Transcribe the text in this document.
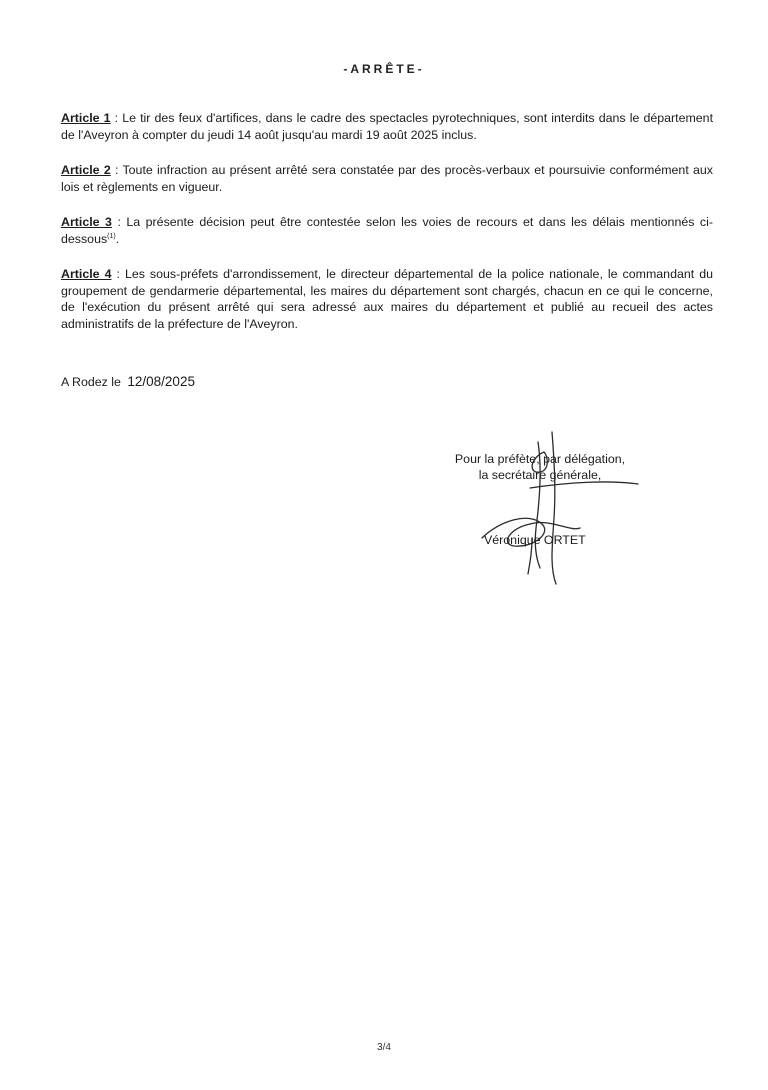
-ARRÊTE-

Article 1 : Le tir des feux d'artifices, dans le cadre des spectacles pyrotechniques, sont interdits dans le département de l'Aveyron à compter du jeudi 14 août jusqu'au mardi 19 août 2025 inclus.

Article 2 : Toute infraction au présent arrêté sera constatée par des procès-verbaux et poursuivie conformément aux lois et règlements en vigueur.

Article 3 : La présente décision peut être contestée selon les voies de recours et dans les délais mentionnés ci-dessous$^{(1)}$.

Article 4 : Les sous-préfets d'arrondissement, le directeur départemental de la police nationale, le commandant du groupement de gendarmerie départemental, les maires du département sont chargés, chacun en ce qui le concerne, de l'exécution du présent arrêté qui sera adressé aux maires du département et publié au recueil des actes administratifs de la préfecture de l'Aveyron.

A Rodez le 12/08/2025
Pour la préfète, par délégation,
la secrétaire générale,
Véronique ORTET
3/4
